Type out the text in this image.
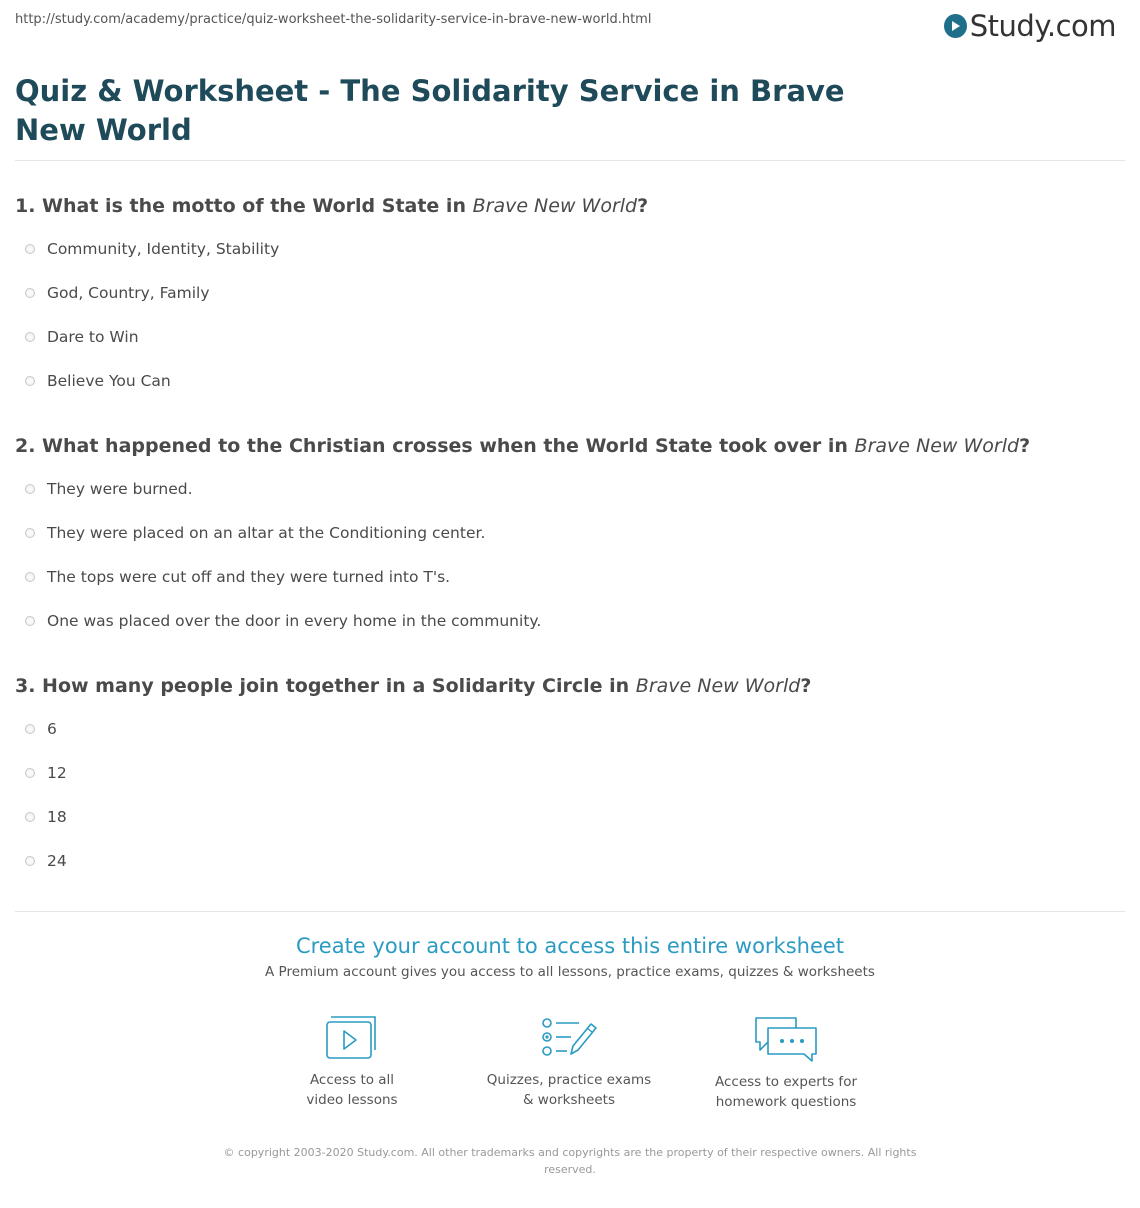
http://study.com/academy/practice/quiz-worksheet-the-solidarity-service-in-brave-new-world.html	Study.com
Quiz & Worksheet - The Solidarity Service in Brave New World
1. What is the motto of the World State in Brave New World?
Community, Identity, Stability
God, Country, Family
Dare to Win
Believe You Can
2. What happened to the Christian crosses when the World State took over in Brave New World?
They were burned.
They were placed on an altar at the Conditioning center.
The tops were cut off and they were turned into T's.
One was placed over the door in every home in the community.
3. How many people join together in a Solidarity Circle in Brave New World?
6
12
18
24
Create your account to access this entire worksheet
A Premium account gives you access to all lessons, practice exams, quizzes & worksheets
Access to all
video lessons
Quizzes, practice exams
& worksheets
Access to experts for
homework questions
© copyright 2003-2020 Study.com. All other trademarks and copyrights are the property of their respective owners. All rights reserved.
